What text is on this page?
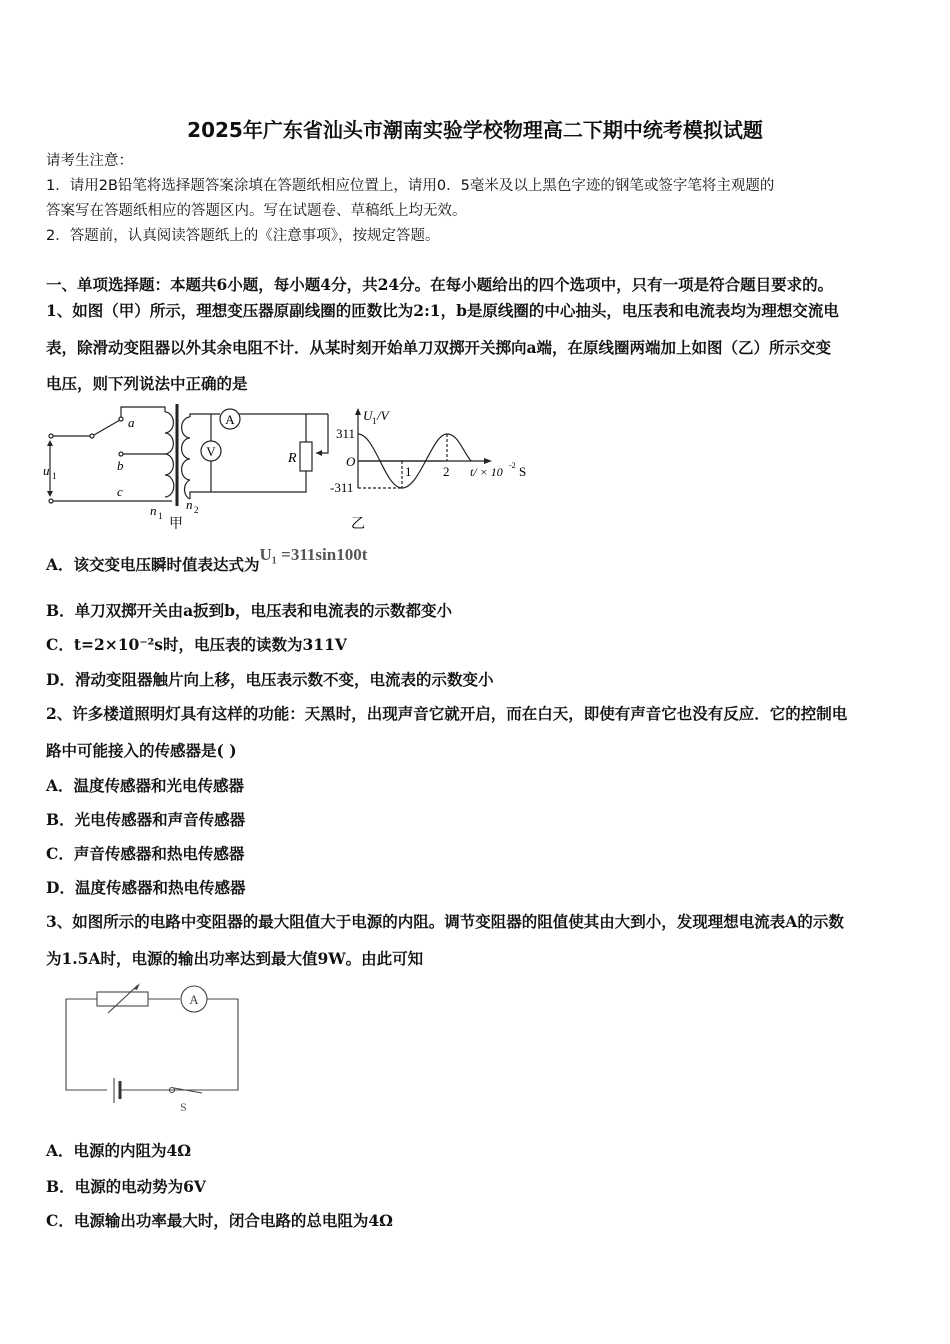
2025年广东省汕头市潮南实验学校物理高二下期中统考模拟试题
请考生注意：
1．请用2B铅笔将选择题答案涂填在答题纸相应位置上，请用0．5毫米及以上黑色字迹的钢笔或签字笔将主观题的
答案写在答题纸相应的答题区内。写在试题卷、草稿纸上均无效。
2．答题前，认真阅读答题纸上的《注意事项》，按规定答题。
一、单项选择题：本题共6小题，每小题4分，共24分。在每小题给出的四个选项中，只有一项是符合题目要求的。
1、如图（甲）所示，理想变压器原副线圈的匝数比为2:1，b是原线圈的中心抽头，电压表和电流表均为理想交流电
表，除滑动变阻器以外其余电阻不计．从某时刻开始单刀双掷开关掷向a端，在原线圈两端加上如图（乙）所示交变
电压，则下列说法中正确的是
A
V	R
a
b
c
u 1
n 1
n 2
甲
U 1 /V
311
-311
O
1 2 t/ × 10 -2 S
乙
A．该交变电压瞬时值表达式为U₁ =311sin100t
B．单刀双掷开关由a扳到b，电压表和电流表的示数都变小
C．t=2×10⁻²s时，电压表的读数为311V
D．滑动变阻器触片向上移，电压表示数不变，电流表的示数变小
2、许多楼道照明灯具有这样的功能：天黑时，出现声音它就开启，而在白天，即使有声音它也没有反应．它的控制电
路中可能接入的传感器是( )
A．温度传感器和光电传感器
B．光电传感器和声音传感器
C．声音传感器和热电传感器
D．温度传感器和热电传感器
3、如图所示的电路中变阻器的最大阻值大于电源的内阻。调节变阻器的阻值使其由大到小，发现理想电流表A的示数
为1.5A时，电源的输出功率达到最大值9W。由此可知
A
S
A．电源的内阻为4Ω
B．电源的电动势为6V
C．电源输出功率最大时，闭合电路的总电阻为4Ω
